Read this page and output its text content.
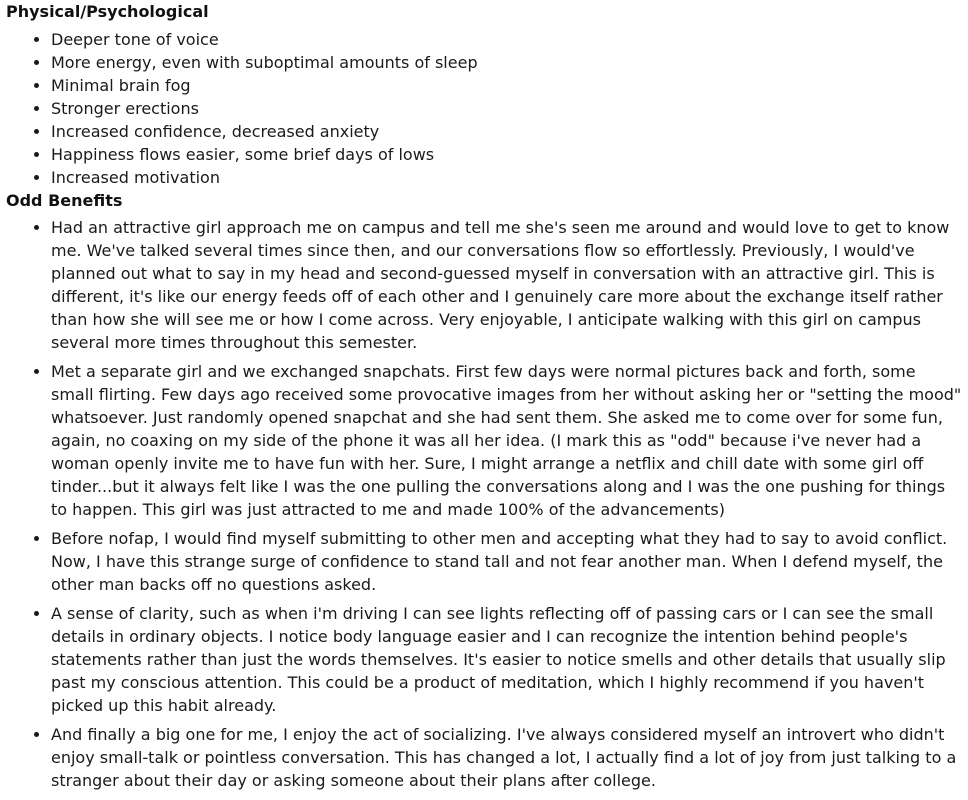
Physical/Psychological
• Deeper tone of voice
• More energy, even with suboptimal amounts of sleep
• Minimal brain fog
• Stronger erections
• Increased confidence, decreased anxiety
• Happiness flows easier, some brief days of lows
• Increased motivation
Odd Benefits
• Had an attractive girl approach me on campus and tell me she's seen me around and would love to get to know me. We've talked several times since then, and our conversations flow so effortlessly. Previously, I would've planned out what to say in my head and second-guessed myself in conversation with an attractive girl. This is different, it's like our energy feeds off of each other and I genuinely care more about the exchange itself rather than how she will see me or how I come across. Very enjoyable, I anticipate walking with this girl on campus several more times throughout this semester.
• Met a separate girl and we exchanged snapchats. First few days were normal pictures back and forth, some small flirting. Few days ago received some provocative images from her without asking her or "setting the mood" whatsoever. Just randomly opened snapchat and she had sent them. She asked me to come over for some fun, again, no coaxing on my side of the phone it was all her idea. (I mark this as "odd" because i've never had a woman openly invite me to have fun with her. Sure, I might arrange a netflix and chill date with some girl off tinder...but it always felt like I was the one pulling the conversations along and I was the one pushing for things to happen. This girl was just attracted to me and made 100% of the advancements)
• Before nofap, I would find myself submitting to other men and accepting what they had to say to avoid conflict. Now, I have this strange surge of confidence to stand tall and not fear another man. When I defend myself, the other man backs off no questions asked.
• A sense of clarity, such as when i'm driving I can see lights reflecting off of passing cars or I can see the small details in ordinary objects. I notice body language easier and I can recognize the intention behind people's statements rather than just the words themselves. It's easier to notice smells and other details that usually slip past my conscious attention. This could be a product of meditation, which I highly recommend if you haven't picked up this habit already.
• And finally a big one for me, I enjoy the act of socializing. I've always considered myself an introvert who didn't enjoy small-talk or pointless conversation. This has changed a lot, I actually find a lot of joy from just talking to a stranger about their day or asking someone about their plans after college.
